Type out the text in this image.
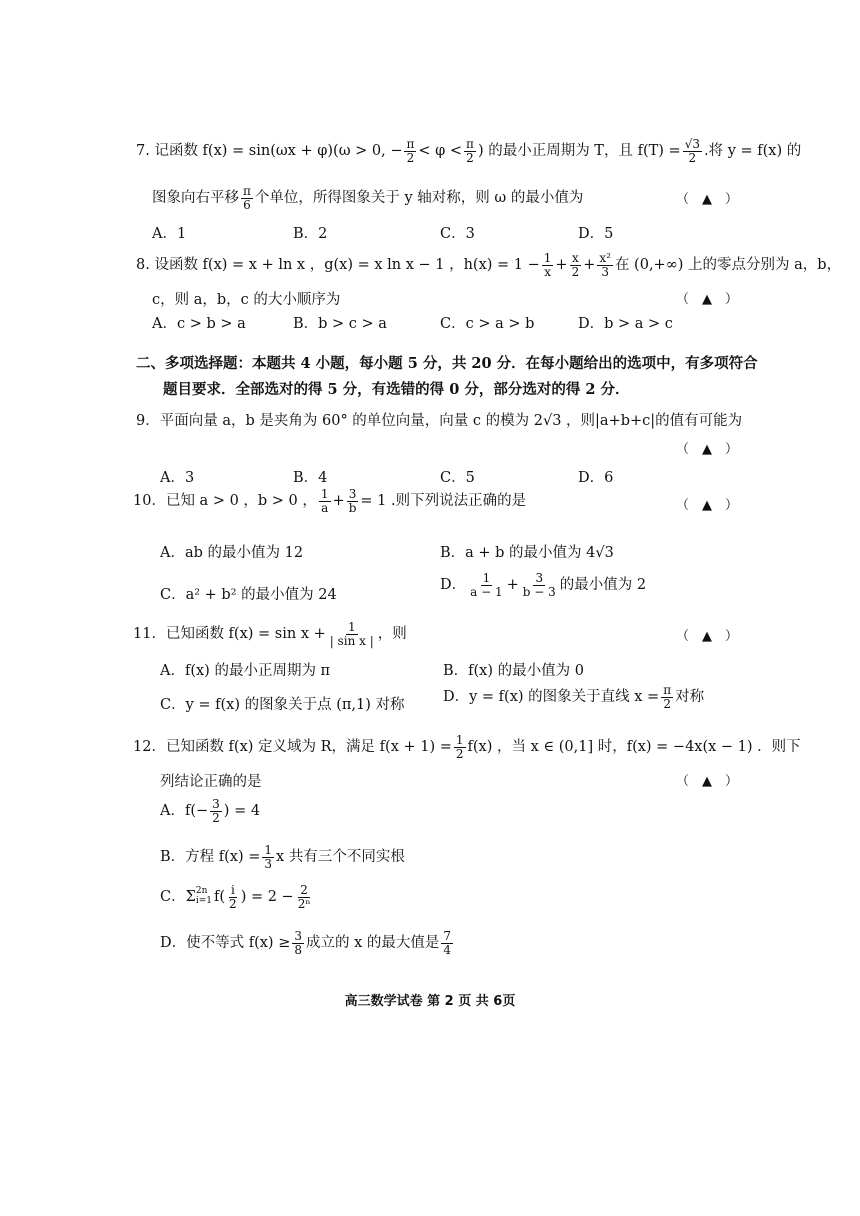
7. 记函数 f(x) = sin(ωx + φ)(ω > 0, − $\frac{\pi}{2} < \varphi < \frac{\pi}{2}$ ) 的最小正周期为 T，且 $f(T) = \frac{√3}{2}$ .将 y = f(x) 的
图象向右平移 $\frac{\pi}{6}$ 个单位，所得图象关于 y 轴对称，则 ω 的最小值为	（　▲　）
A．1	B．2	C．3	D．5
8. 设函数 f(x) = x + ln x ，g(x) = x ln x − 1 ，$h(x) = 1 - \frac{1}{x} + \frac{x}{2} + \frac{\text{x²}}{3}$ 在 (0,+∞) 上的零点分别为 a，b，
c，则 a，b，c 的大小顺序为	（　▲　）
A．c > b > a	B．b > c > a	C．c > a > b	D．b > a > c
二、多项选择题：本题共 4 小题，每小题 5 分，共 20 分．在每小题给出的选项中，有多项符合
题目要求．全部选对的得 5 分，有选错的得 0 分，部分选对的得 2 分．
9．平面向量 a，b 是夹角为 60° 的单位向量，向量 c 的模为 2√3 ，则|a+b+c|的值有可能为
（　▲　）
A．3	B．4	C．5	D．6
10．已知 a > 0 ，b > 0 ， $\frac{1}{a} + \frac{3}{b} = 1$ .则下列说法正确的是	（　▲　）
A．ab 的最小值为 12	B．a + b 的最小值为 4√3
C．a² + b² 的最小值为 24
D． $\frac{1}{a - 1} + \frac{3}{b - 3}$ 的最小值为 2
11．已知函数 $f(x) = \sin x + \frac{1}{\text{| sin x |}}$ ，则	（　▲　）
A．f(x) 的最小正周期为 π	B．f(x) 的最小值为 0
C．y = f(x) 的图象关于点 (π,1) 对称	D．y = f(x) 的图象关于直线 $x = \frac{\pi}{2}$ 对称
12．已知函数 f(x) 定义域为 R，满足 $f(x + 1) = \frac{1}{2} f(x)$ ，当 x ∈ (0,1] 时，f(x) = −4x(x − 1) ．则下
列结论正确的是	（　▲　）
A．$f(- \frac{3}{2}$ ) = 4
B．方程 $f(x) = \frac{1}{3}$ x 共有三个不同实根
C．Σ 2n
i=1 $f( \frac{i}{2}$ ) = $2 - \frac{2}{\text{2ⁿ}}$
D．使不等式 $f(x) \ge \frac{3}{8}$ 成立的 x 的最大值是 $\frac{7}{4}$
高三数学试卷 第 2 页 共 6页
